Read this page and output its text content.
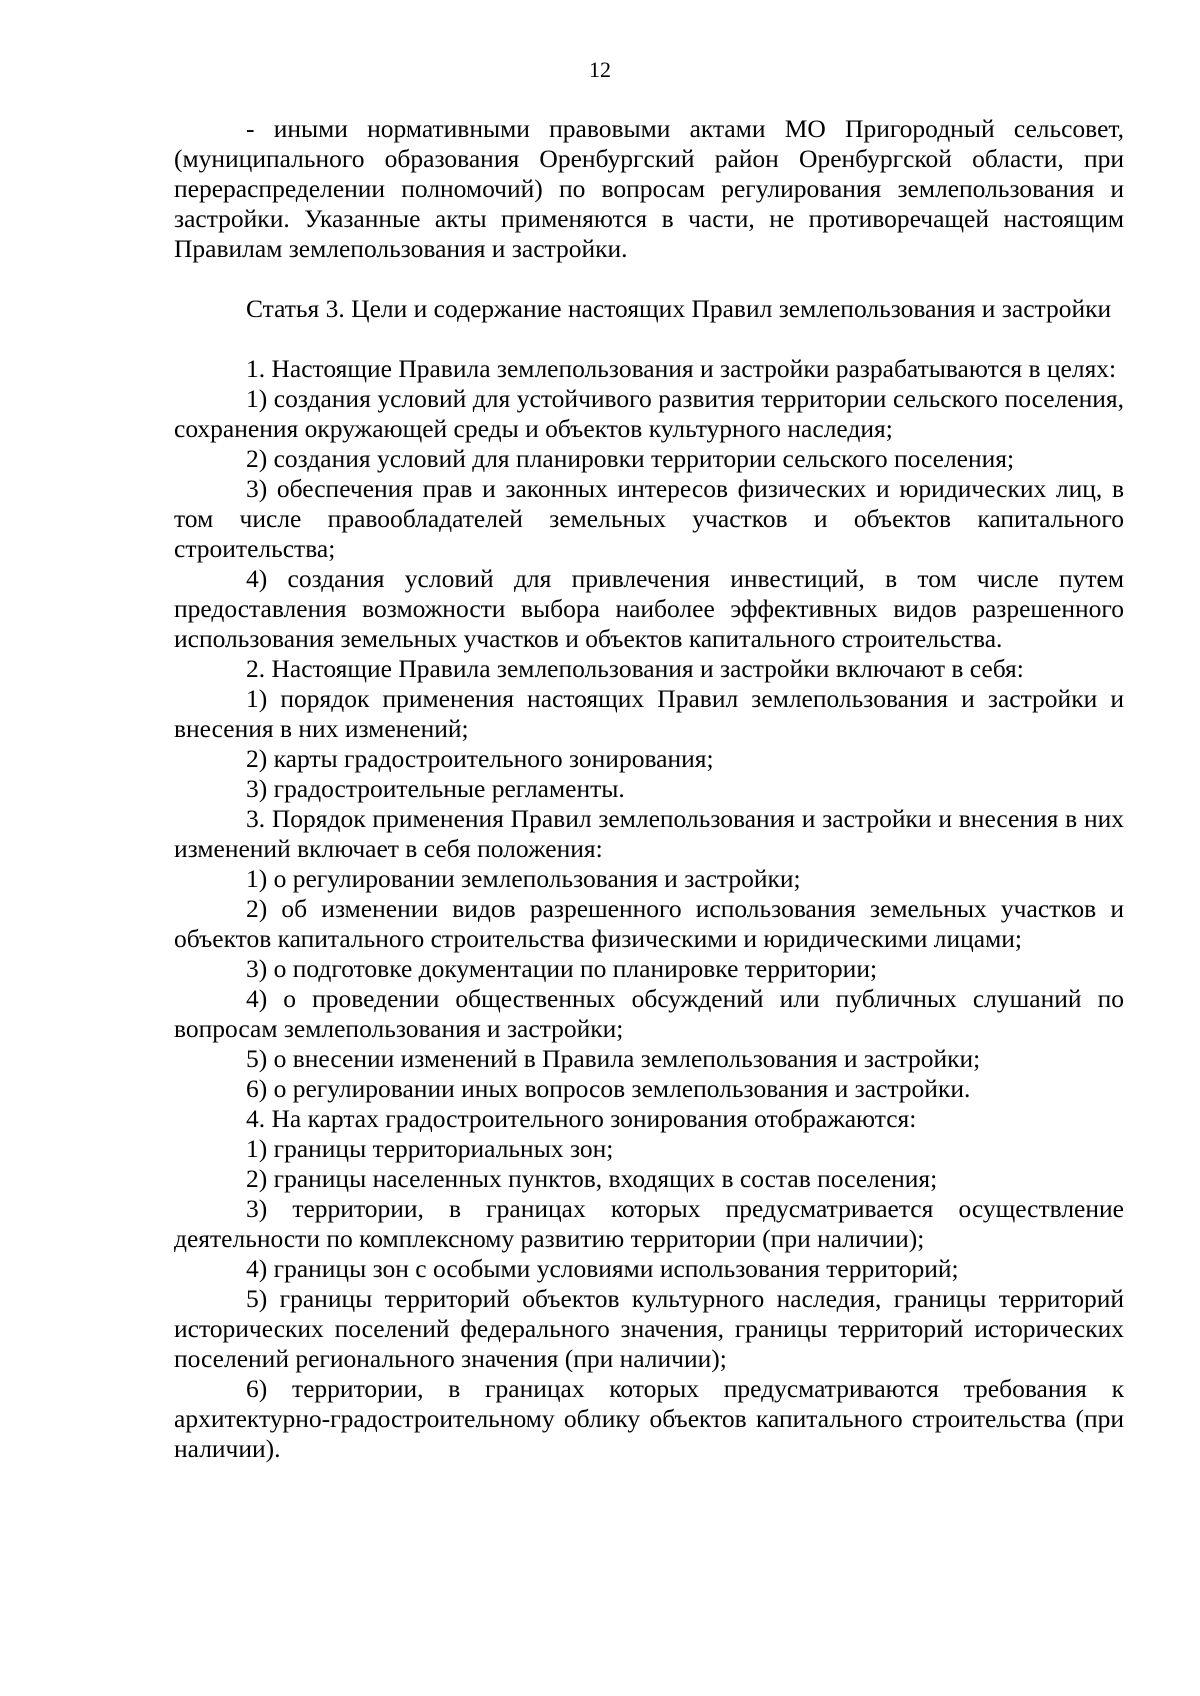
12

- иными нормативными правовыми актами МО Пригородный сельсовет, (муниципального образования Оренбургский район Оренбургской области, при перераспределении полномочий) по вопросам регулирования землепользования и застройки. Указанные акты применяются в части, не противоречащей настоящим Правилам землепользования и застройки.

Статья 3. Цели и содержание настоящих Правил землепользования и застройки

1. Настоящие Правила землепользования и застройки разрабатываются в целях:

1) создания условий для устойчивого развития территории сельского поселения, сохранения окружающей среды и объектов культурного наследия;

2) создания условий для планировки территории сельского поселения;

3) обеспечения прав и законных интересов физических и юридических лиц, в том числе правообладателей земельных участков и объектов капитального строительства;

4) создания условий для привлечения инвестиций, в том числе путем предоставления возможности выбора наиболее эффективных видов разрешенного использования земельных участков и объектов капитального строительства.

2. Настоящие Правила землепользования и застройки включают в себя:

1) порядок применения настоящих Правил землепользования и застройки и внесения в них изменений;

2) карты градостроительного зонирования;

3) градостроительные регламенты.

3. Порядок применения Правил землепользования и застройки и внесения в них изменений включает в себя положения:

1) о регулировании землепользования и застройки;

2) об изменении видов разрешенного использования земельных участков и объектов капитального строительства физическими и юридическими лицами;

3) о подготовке документации по планировке территории;

4) о проведении общественных обсуждений или публичных слушаний по вопросам землепользования и застройки;

5) о внесении изменений в Правила землепользования и застройки;

6) о регулировании иных вопросов землепользования и застройки.

4. На картах градостроительного зонирования отображаются:

1) границы территориальных зон;

2) границы населенных пунктов, входящих в состав поселения;

3) территории, в границах которых предусматривается осуществление деятельности по комплексному развитию территории (при наличии);

4) границы зон с особыми условиями использования территорий;

5) границы территорий объектов культурного наследия, границы территорий исторических поселений федерального значения, границы территорий исторических поселений регионального значения (при наличии);

6) территории, в границах которых предусматриваются требования к архитектурно-градостроительному облику объектов капитального строительства (при наличии).
